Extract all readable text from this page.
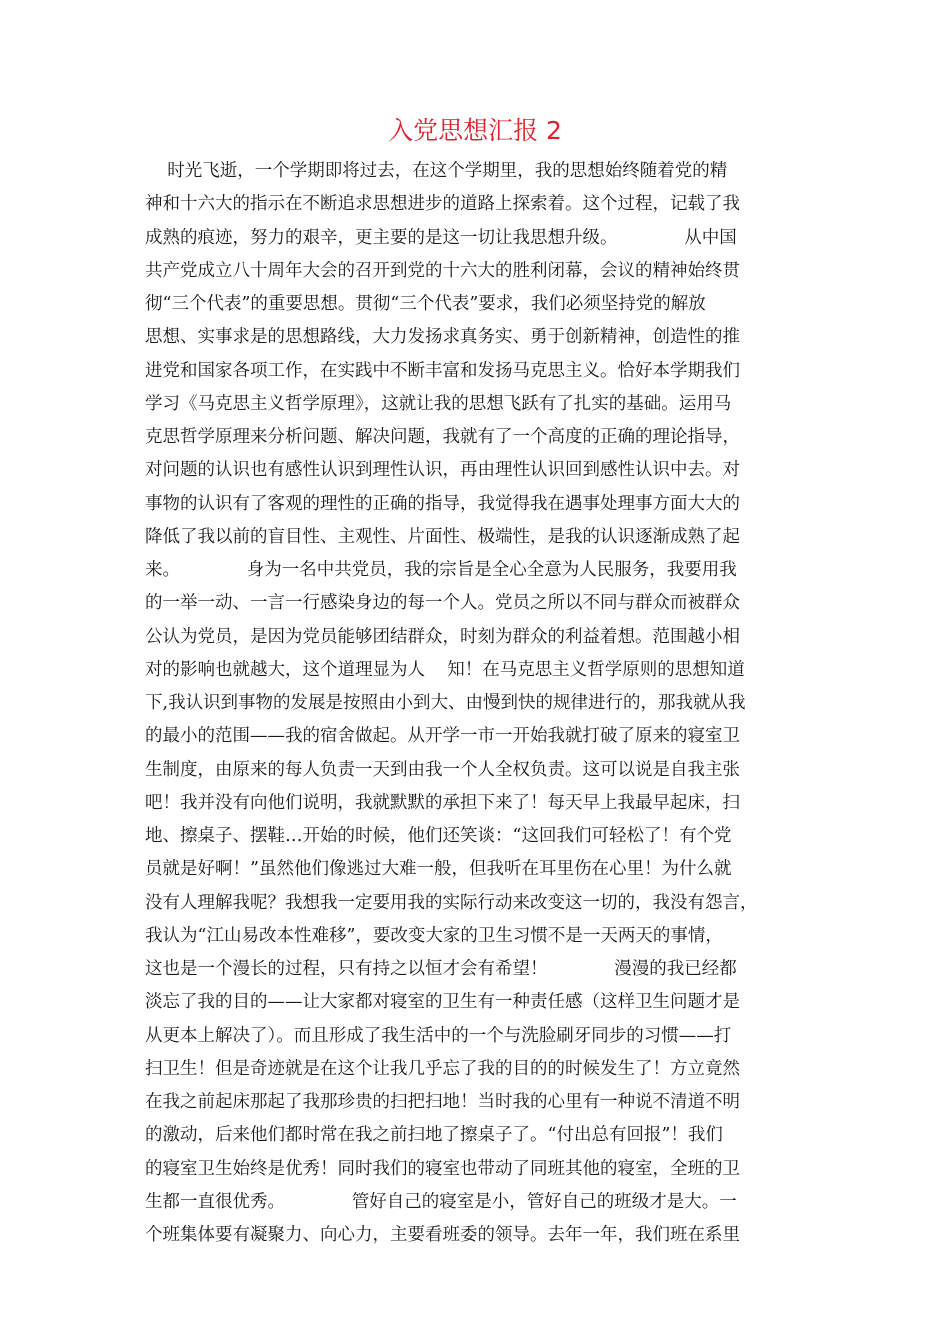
入党思想汇报 2
时光飞逝，一个学期即将过去，在这个学期里，我的思想始终随着党的精
神和十六大的指示在不断追求思想进步的道路上探索着。这个过程，记载了我
成熟的痕迹，努力的艰辛，更主要的是这一切让我思想升级。            从中国
共产党成立八十周年大会的召开到党的十六大的胜利闭幕，会议的精神始终贯
彻“三个代表”的重要思想。贯彻“三个代表”要求，我们必须坚持党的解放
思想、实事求是的思想路线，大力发扬求真务实、勇于创新精神，创造性的推
进党和国家各项工作，在实践中不断丰富和发扬马克思主义。恰好本学期我们
学习《马克思主义哲学原理》，这就让我的思想飞跃有了扎实的基础。运用马
克思哲学原理来分析问题、解决问题，我就有了一个高度的正确的理论指导，
对问题的认识也有感性认识到理性认识，再由理性认识回到感性认识中去。对
事物的认识有了客观的理性的正确的指导，我觉得我在遇事处理事方面大大的
降低了我以前的盲目性、主观性、片面性、极端性，是我的认识逐渐成熟了起
来。            身为一名中共党员，我的宗旨是全心全意为人民服务，我要用我
的一举一动、一言一行感染身边的每一个人。党员之所以不同与群众而被群众
公认为党员，是因为党员能够团结群众，时刻为群众的利益着想。范围越小相
对的影响也就越大，这个道理显为人    知！在马克思主义哲学原则的思想知道
下,我认识到事物的发展是按照由小到大、由慢到快的规律进行的，那我就从我
的最小的范围——我的宿舍做起。从开学一市一开始我就打破了原来的寝室卫
生制度，由原来的每人负责一天到由我一个人全权负责。这可以说是自我主张
吧！我并没有向他们说明，我就默默的承担下来了！每天早上我最早起床，扫
地、擦桌子、摆鞋…开始的时候，他们还笑谈：“这回我们可轻松了！有个党
员就是好啊！”虽然他们像逃过大难一般，但我听在耳里伤在心里！为什么就
没有人理解我呢？我想我一定要用我的实际行动来改变这一切的，我没有怨言，
我认为“江山易改本性难移”，要改变大家的卫生习惯不是一天两天的事情，
这也是一个漫长的过程，只有持之以恒才会有希望！            漫漫的我已经都
淡忘了我的目的——让大家都对寝室的卫生有一种责任感（这样卫生问题才是
从更本上解决了）。而且形成了我生活中的一个与洗脸刷牙同步的习惯——打
扫卫生！但是奇迹就是在这个让我几乎忘了我的目的的时候发生了！方立竟然
在我之前起床那起了我那珍贵的扫把扫地！当时我的心里有一种说不清道不明
的激动，后来他们都时常在我之前扫地了擦桌子了。“付出总有回报”！我们
的寝室卫生始终是优秀！同时我们的寝室也带动了同班其他的寝室，全班的卫
生都一直很优秀。            管好自己的寝室是小，管好自己的班级才是大。一
个班集体要有凝聚力、向心力，主要看班委的领导。去年一年，我们班在系里
